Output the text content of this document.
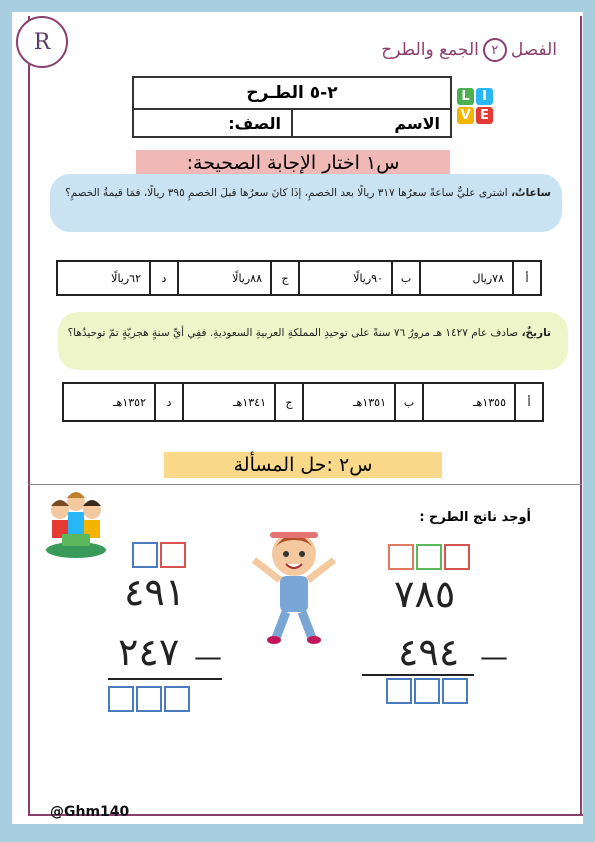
R	الفصل
٢
الجمع والطرح
L I
V E
٢-٥ الطـرح
الاسم
الصف:
س١ اختار الإجابة الصحيحة:
ساعاتٌ، اشترى عليٌّ ساعةً سعرُها ٣١٧ ريالًا بعد الخصمِ، إذَا كانَ سعرُها قبلَ الخصمِ ٣٩٥ ريالًا، فمَا قيمةُ الخصمِ؟
أ
٧٨ريال
ب
٩٠ريالًا
ج
٨٨ريالًا
د
٦٢ريالًا
تاريخٌ، صادف عام ١٤٢٧ هـ مرورُ ٧٦ سنةً على توحيدِ المملكةِ العربيةِ السعوديةِ. ففِي أيِّ سنةٍ هجريّةٍ تمّ توحيدُها؟
أ
١٣٥٥هـ
ب
١٣٥١هـ
ج
١٣٤١هـ
د
١٣٥٢هـ
س٢ :حل المسألة
أوجد ناتج الطرح :
٧٨٥
٤٩٤ —
٤٩١
٢٤٧ —
@Ghm140
